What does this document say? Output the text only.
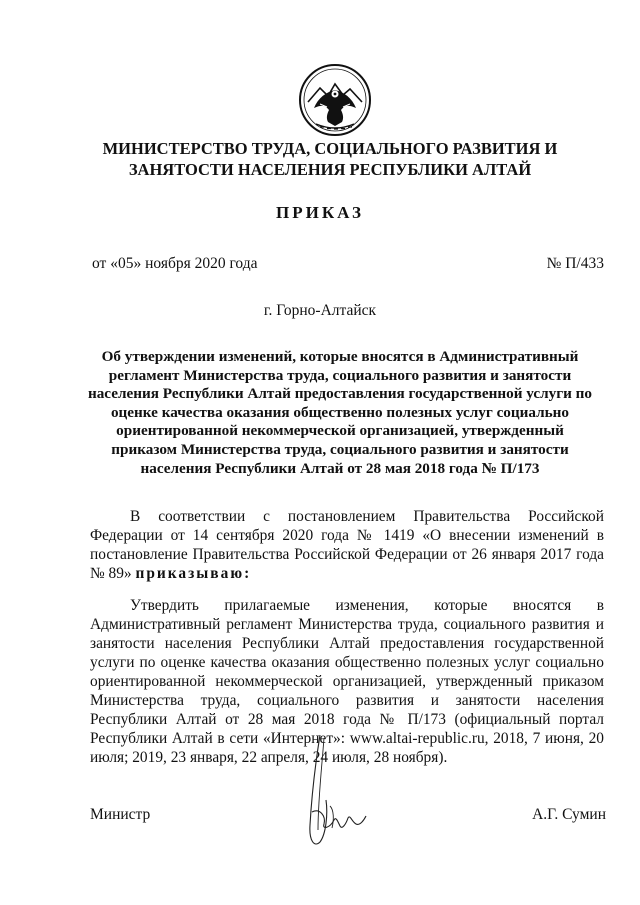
МИНИСТЕРСТВО ТРУДА, СОЦИАЛЬНОГО РАЗВИТИЯ И
ЗАНЯТОСТИ НАСЕЛЕНИЯ РЕСПУБЛИКИ АЛТАЙ
ПРИКАЗ
от «05» ноября 2020 года	№ П/433
г. Горно-Алтайск
Об утверждении изменений, которые вносятся в Административный регламент Министерства труда, социального развития и занятости населения Республики Алтай предоставления государственной услуги по оценке качества оказания общественно полезных услуг социально ориентированной некоммерческой организацией, утвержденный приказом Министерства труда, социального развития и занятости населения Республики Алтай от 28 мая 2018 года № П/173
В соответствии с постановлением Правительства Российской Федерации от 14 сентября 2020 года № 1419 «О внесении изменений в постановление Правительства Российской Федерации от 26 января 2017 года № 89» приказываю:
Утвердить прилагаемые изменения, которые вносятся в Административный регламент Министерства труда, социального развития и занятости населения Республики Алтай предоставления государственной услуги по оценке качества оказания общественно полезных услуг социально ориентированной некоммерческой организацией, утвержденный приказом Министерства труда, социального развития и занятости населения Республики Алтай от 28 мая 2018 года № П/173 (официальный портал Республики Алтай в сети «Интернет»: www.altai-republic.ru, 2018, 7 июня, 20 июля; 2019, 23 января, 22 апреля, 24 июля, 28 ноября).
Министр	А.Г. Сумин
